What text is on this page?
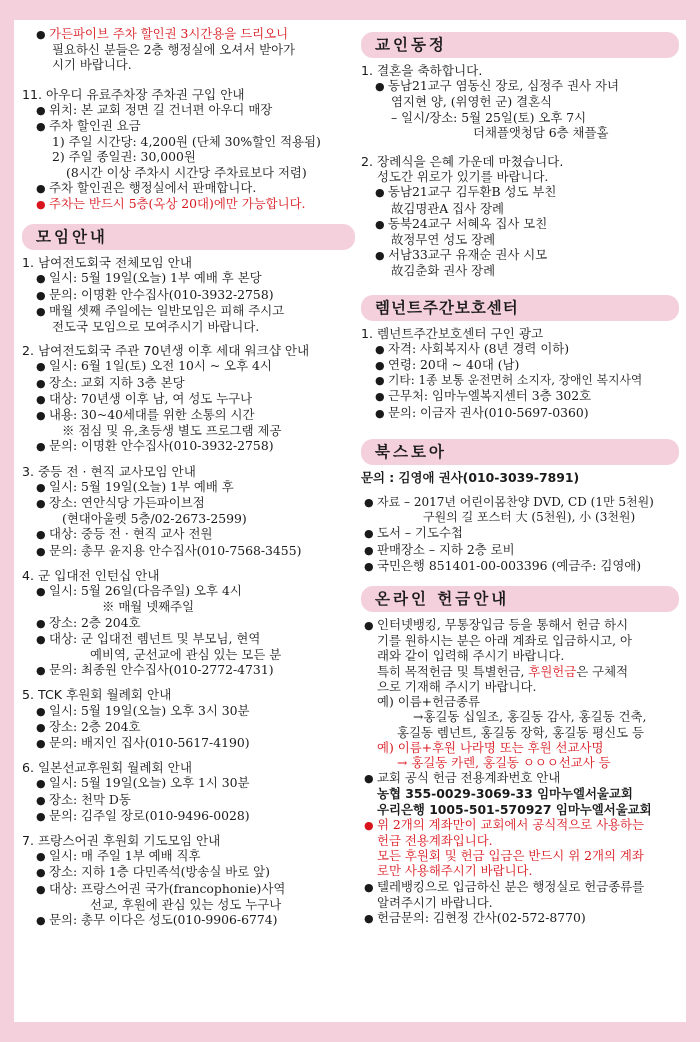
● 가든파이브 주차 할인권 3시간용을 드리오니
필요하신 분들은 2층 행정실에 오셔서 받아가
시기 바랍니다.
11. 아우디 유료주차장 주차권 구입 안내
● 위치: 본 교회 정면 길 건너편 아우디 매장
● 주차 할인권 요금
1) 주일 시간당: 4,200원 (단체 30%할인 적용됨)
2) 주일 종일권: 30,000원
(8시간 이상 주차시 시간당 주차료보다 저렴)
● 주차 할인권은 행정실에서 판매합니다.
● 주차는 반드시 5층(옥상 20대)에만 가능합니다.
모임안내
1. 남여전도회국 전체모임 안내
● 일시: 5월 19일(오늘) 1부 예배 후 본당
● 문의: 이명환 안수집사(010-3932-2758)
● 매월 셋째 주일에는 일반모임은 피해 주시고
전도국 모임으로 모여주시기 바랍니다.
2. 남여전도회국 주관 70년생 이후 세대 워크샵 안내
● 일시: 6월 1일(토) 오전 10시 ~ 오후 4시
● 장소: 교회 지하 3층 본당
● 대상: 70년생 이후 남, 여 성도 누구나
● 내용: 30~40세대를 위한 소통의 시간
※ 점심 및 유,초등생 별도 프로그램 제공
● 문의: 이명환 안수집사(010-3932-2758)
3. 중등 전 · 현직 교사모임 안내
● 일시: 5월 19일(오늘) 1부 예배 후
● 장소: 연안식당 가든파이브점
(현대아울렛 5층/02-2673-2599)
● 대상: 중등 전 · 현직 교사 전원
● 문의: 총무 윤지용 안수집사(010-7568-3455)
4. 군 입대전 인턴십 안내
● 일시: 5월 26일(다음주일) 오후 4시
※ 매월 넷째주일
● 장소: 2층 204호
● 대상: 군 입대전 렘넌트 및 부모님, 현역
예비역, 군선교에 관심 있는 모든 분
● 문의: 최종원 안수집사(010-2772-4731)
5. TCK 후원회 월례회 안내
● 일시: 5월 19일(오늘) 오후 3시 30분
● 장소: 2층 204호
● 문의: 배지인 집사(010-5617-4190)
6. 일본선교후원회 월례회 안내
● 일시: 5월 19일(오늘) 오후 1시 30분
● 장소: 천막 D동
● 문의: 김주일 장로(010-9496-0028)
7. 프랑스어권 후원회 기도모임 안내
● 일시: 매 주일 1부 예배 직후
● 장소: 지하 1층 다민족석(방송실 바로 앞)
● 대상: 프랑스어권 국가(francophonie)사역
선교, 후원에 관심 있는 성도 누구나
● 문의: 총무 이다은 성도(010-9906-6774)
교인동정
1. 결혼을 축하합니다.
● 동남21교구 염동신 장로, 심정주 권사 자녀
염지현 양, (위영헌 군) 결혼식
– 일시/장소: 5월 25일(토) 오후 7시
더채플앳청담 6층 채플홀
2. 장례식을 은혜 가운데 마쳤습니다.
성도간 위로가 있기를 바랍니다.
● 동남21교구 김두환B 성도 부친
故김명관A 집사 장례
● 동북24교구 서혜옥 집사 모친
故정무연 성도 장례
● 서남33교구 유재순 권사 시모
故김춘화 권사 장례
렘넌트주간보호센터
1. 렘넌트주간보호센터 구인 광고
● 자격: 사회복지사 (8년 경력 이하)
● 연령: 20대 ~ 40대 (남)
● 기타: 1종 보통 운전면허 소지자, 장애인 복지사역
● 근무처: 임마누엘복지센터 3층 302호
● 문의: 이금자 권사(010-5697-0360)
북스토아
문의 : 김영애 권사(010-3039-7891)
● 자료 – 2017년 어린이몸찬양 DVD, CD (1만 5천원)
구원의 길 포스터 大 (5천원), 小 (3천원)
● 도서 – 기도수첩
● 판매장소 – 지하 2층 로비
● 국민은행 851401-00-003396 (예금주: 김영애)
온라인 헌금안내
● 인터넷뱅킹, 무통장입금 등을 통해서 헌금 하시
기를 원하시는 분은 아래 계좌로 입금하시고, 아
래와 같이 입력해 주시기 바랍니다.
특히 목적헌금 및 특별헌금, 후원헌금은 구체적
으로 기재해 주시기 바랍니다.
예) 이름+헌금종류
→홍길동 십일조, 홍길동 감사, 홍길동 건축,
홍길동 렘넌트, 홍길동 장학, 홍길동 평신도 등
예) 이름+후원 나라명 또는 후원 선교사명
→ 홍길동 카렌, 홍길동 ㅇㅇㅇ선교사 등
● 교회 공식 헌금 전용계좌번호 안내
농협 355-0029-3069-33 임마누엘서울교회
우리은행 1005-501-570927 임마누엘서울교회
● 위 2개의 계좌만이 교회에서 공식적으로 사용하는
헌금 전용계좌입니다.
모든 후원회 및 헌금 입금은 반드시 위 2개의 계좌
로만 사용해주시기 바랍니다.
● 텔레뱅킹으로 입금하신 분은 행정실로 헌금종류를
알려주시기 바랍니다.
● 헌금문의: 김현정 간사(02-572-8770)
